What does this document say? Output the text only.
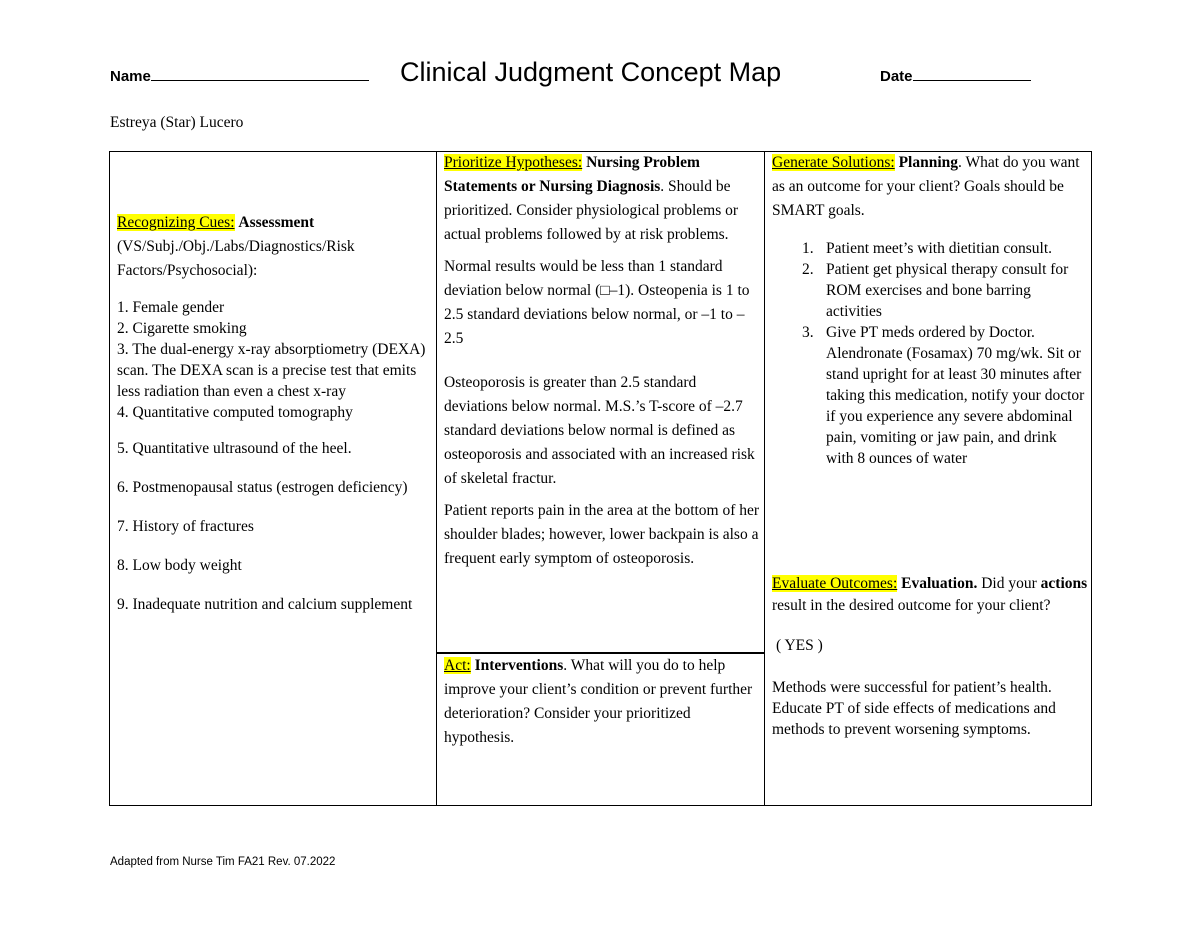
Name	Clinical Judgment Concept Map	Date
Estreya (Star) Lucero

Recognizing Cues: Assessment

(VS/Subj./Obj./Labs/Diagnostics/Risk Factors/Psychosocial):

1. Female gender

2. Cigarette smoking

3. The dual-energy x-ray absorptiometry (DEXA) scan. The DEXA scan is a precise test that emits less radiation than even a chest x-ray

4. Quantitative computed tomography

5. Quantitative ultrasound of the heel.

6. Postmenopausal status (estrogen deficiency)

7. History of fractures

8. Low body weight

9. Inadequate nutrition and calcium supplement

Prioritize Hypotheses: Nursing Problem Statements or Nursing Diagnosis. Should be prioritized. Consider physiological problems or actual problems followed by at risk problems.

Normal results would be less than 1 standard deviation below normal (□–1). Osteopenia is 1 to 2.5 standard deviations below normal, or –1 to –2.5

Osteoporosis is greater than 2.5 standard deviations below normal. M.S.’s T-score of –2.7 standard deviations below normal is defined as osteoporosis and associated with an increased risk of skeletal fractur.

Patient reports pain in the area at the bottom of her shoulder blades; however, lower backpain is also a frequent early symptom of osteoporosis.

Act: Interventions. What will you do to help improve your client’s condition or prevent further deterioration? Consider your prioritized hypothesis.

Generate Solutions: Planning. What do you want as an outcome for your client? Goals should be SMART goals.

1. Patient meet’s with dietitian consult.
2. Patient get physical therapy consult for ROM exercises and bone barring activities
3. Give PT meds ordered by Doctor. Alendronate (Fosamax) 70 mg/wk. Sit or stand upright for at least 30 minutes after taking this medication, notify your doctor if you experience any severe abdominal pain, vomiting or jaw pain, and drink with 8 ounces of water

Evaluate Outcomes: Evaluation. Did your actions result in the desired outcome for your client?

( YES )

Methods were successful for patient’s health.

Educate PT of side effects of medications and methods to prevent worsening symptoms.

Adapted from Nurse Tim FA21 Rev. 07.2022
